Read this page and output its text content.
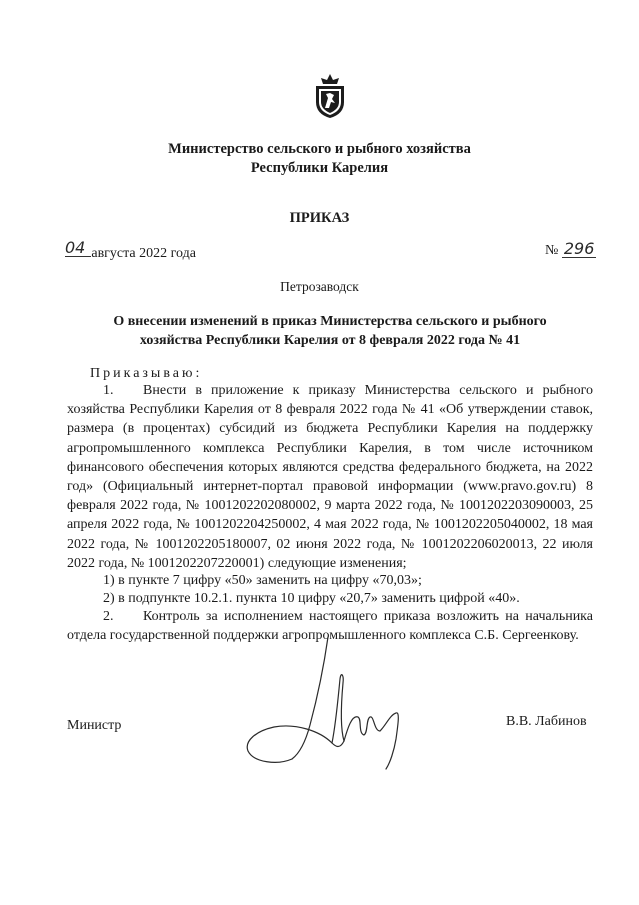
Министерство сельского и рыбного хозяйства
Республики Карелия
ПРИКАЗ
04 августа 2022 года	№ 296
Петрозаводск
О внесении изменений в приказ Министерства сельского и рыбного хозяйства Республики Карелия от 8 февраля 2022 года № 41
Приказываю:
1. Внести в приложение к приказу Министерства сельского и рыбного хозяйства Республики Карелия от 8 февраля 2022 года № 41 «Об утверждении ставок, размера (в процентах) субсидий из бюджета Республики Карелия на поддержку агропромышленного комплекса Республики Карелия, в том числе источником финансового обеспечения которых являются средства федерального бюджета, на 2022 год» (Официальный интернет-портал правовой информации (www.pravo.gov.ru) 8 февраля 2022 года, № 1001202202080002, 9 марта 2022 года, № 1001202203090003, 25 апреля 2022 года, № 1001202204250002, 4 мая 2022 года, № 1001202205040002, 18 мая 2022 года, № 1001202205180007, 02 июня 2022 года, № 1001202206020013, 22 июля 2022 года, № 1001202207220001) следующие изменения;
1) в пункте 7 цифру «50» заменить на цифру «70,03»;
2) в подпункте 10.2.1. пункта 10 цифру «20,7» заменить цифрой «40».
2. Контроль за исполнением настоящего приказа возложить на начальника отдела государственной поддержки агропромышленного комплекса С.Б. Сергеенкову.
Министр	В.В. Лабинов
